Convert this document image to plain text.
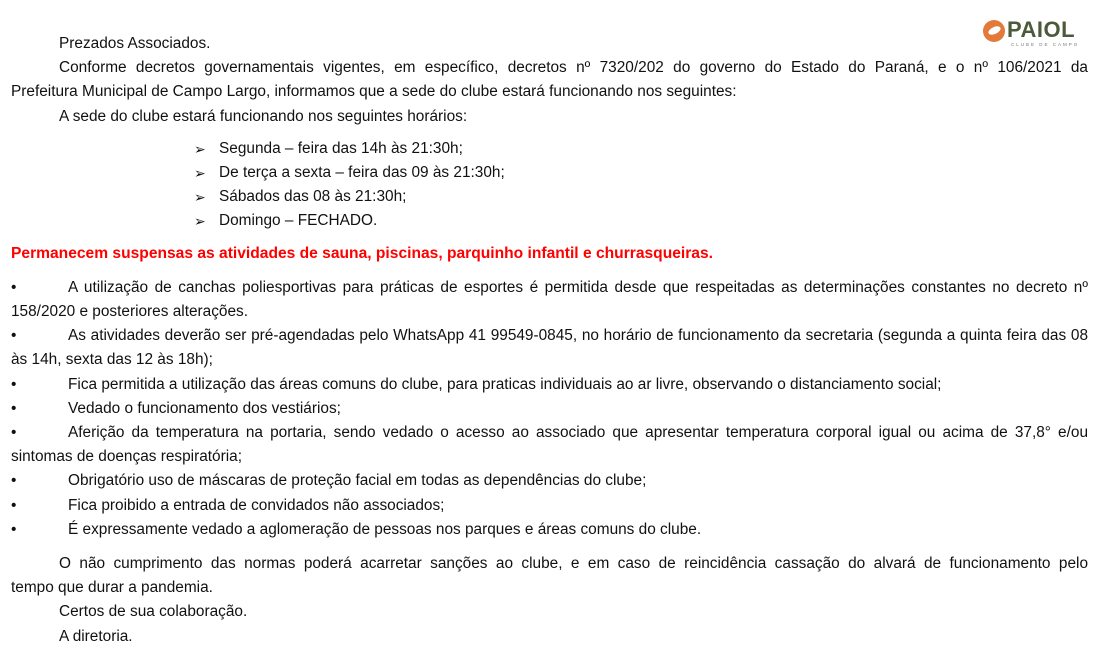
PAIOL
CLUBE DE CAMPO

Prezados Associados.

Conforme decretos governamentais vigentes, em específico, decretos nº 7320/202 do governo do Estado do Paraná, e o nº 106/2021 da

Prefeitura Municipal de Campo Largo, informamos que a sede do clube estará funcionando nos seguintes:

A sede do clube estará funcionando nos seguintes horários:

➢ Segunda – feira das 14h às 21:30h;
➢ De terça a sexta – feira das 09 às 21:30h;
➢ Sábados das 08 às 21:30h;
➢ Domingo – FECHADO.

Permanecem suspensas as atividades de sauna, piscinas, parquinho infantil e churrasqueiras.

•	A utilização de canchas poliesportivas para práticas de esportes é permitida desde que respeitadas as determinações constantes no decreto nº 158/2020 e posteriores alterações.
•	As atividades deverão ser pré-agendadas pelo WhatsApp 41 99549-0845, no horário de funcionamento da secretaria (segunda a quinta feira das 08 às 14h, sexta das 12 às 18h);
•	Fica permitida a utilização das áreas comuns do clube, para praticas individuais ao ar livre, observando o distanciamento social;
•	Vedado o funcionamento dos vestiários;
•	Aferição da temperatura na portaria, sendo vedado o acesso ao associado que apresentar temperatura corporal igual ou acima de 37,8° e/ou sintomas de doenças respiratória;
•	Obrigatório uso de máscaras de proteção facial em todas as dependências do clube;
•	Fica proibido a entrada de convidados não associados;
•	É expressamente vedado a aglomeração de pessoas nos parques e áreas comuns do clube.

O não cumprimento das normas poderá acarretar sanções ao clube, e em caso de reincidência cassação do alvará de funcionamento pelo

tempo que durar a pandemia.

Certos de sua colaboração.

A diretoria.
